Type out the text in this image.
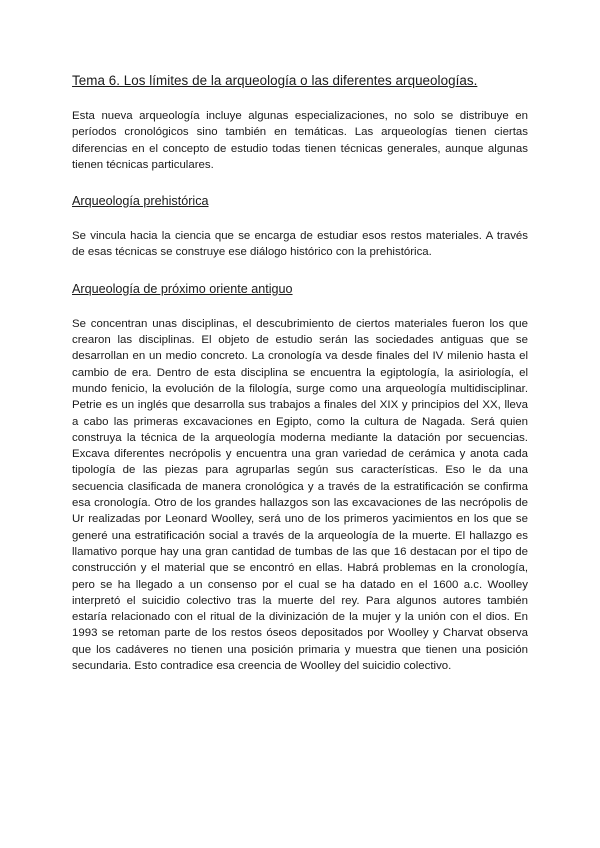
Tema 6. Los límites de la arqueología o las diferentes arqueologías.

Esta nueva arqueología incluye algunas especializaciones, no solo se distribuye en períodos cronológicos sino también en temáticas. Las arqueologías tienen ciertas diferencias en el concepto de estudio todas tienen técnicas generales, aunque algunas tienen técnicas particulares.

Arqueología prehistórica

Se vincula hacia la ciencia que se encarga de estudiar esos restos materiales. A través de esas técnicas se construye ese diálogo histórico con la prehistórica.

Arqueología de próximo oriente antiguo

Se concentran unas disciplinas, el descubrimiento de ciertos materiales fueron los que crearon las disciplinas. El objeto de estudio serán las sociedades antiguas que se desarrollan en un medio concreto. La cronología va desde finales del IV milenio hasta el cambio de era. Dentro de esta disciplina se encuentra la egiptología, la asiriología, el mundo fenicio, la evolución de la filología, surge como una arqueología multidisciplinar. Petrie es un inglés que desarrolla sus trabajos a finales del XIX y principios del XX, lleva a cabo las primeras excavaciones en Egipto, como la cultura de Nagada. Será quien construya la técnica de la arqueología moderna mediante la datación por secuencias. Excava diferentes necrópolis y encuentra una gran variedad de cerámica y anota cada tipología de las piezas para agruparlas según sus características. Eso le da una secuencia clasificada de manera cronológica y a través de la estratificación se confirma esa cronología. Otro de los grandes hallazgos son las excavaciones de las necrópolis de Ur realizadas por Leonard Woolley, será uno de los primeros yacimientos en los que se generé una estratificación social a través de la arqueología de la muerte. El hallazgo es llamativo porque hay una gran cantidad de tumbas de las que 16 destacan por el tipo de construcción y el material que se encontró en ellas. Habrá problemas en la cronología, pero se ha llegado a un consenso por el cual se ha datado en el 1600 a.c. Woolley interpretó el suicidio colectivo tras la muerte del rey. Para algunos autores también estaría relacionado con el ritual de la divinización de la mujer y la unión con el dios. En 1993 se retoman parte de los restos óseos depositados por Woolley y Charvat observa que los cadáveres no tienen una posición primaria y muestra que tienen una posición secundaria. Esto contradice esa creencia de Woolley del suicidio colectivo.
